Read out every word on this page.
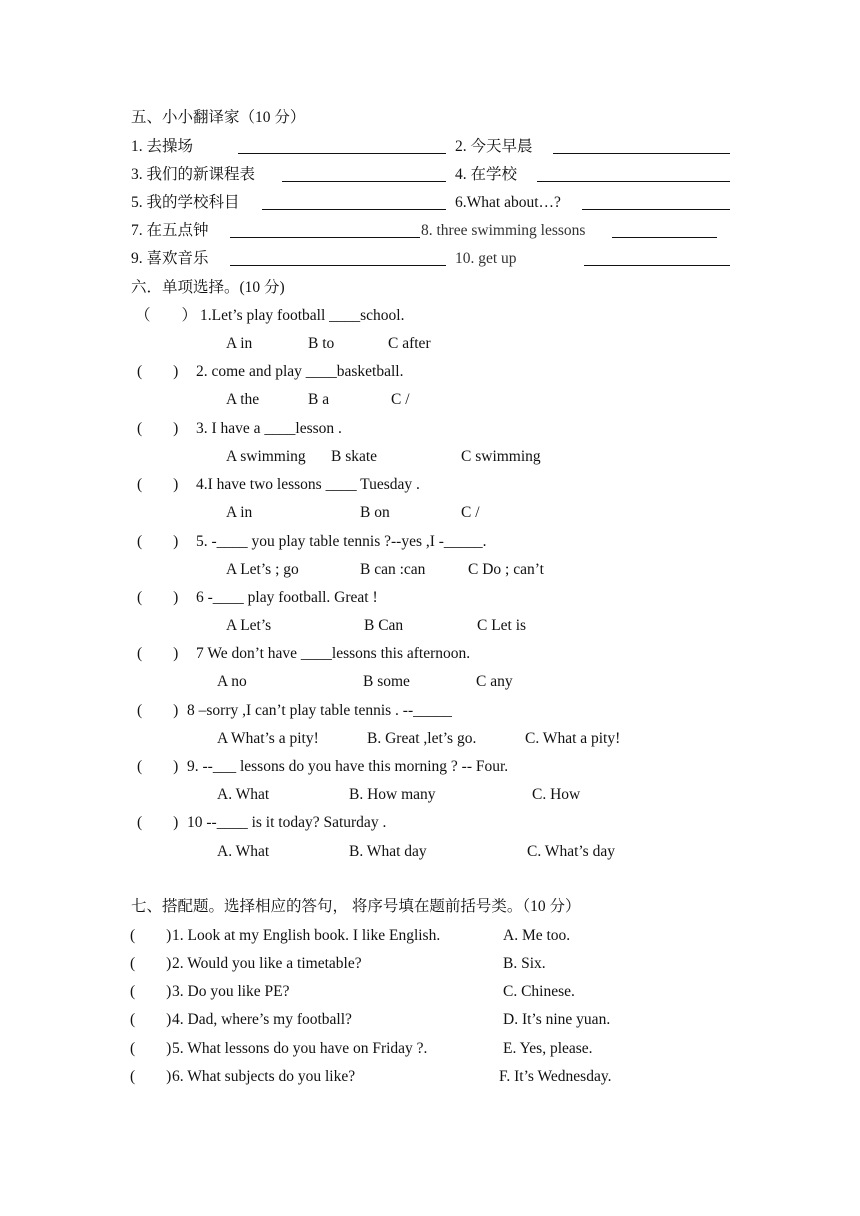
五、小小翻译家（10 分）
1. 去操场	2. 今天早晨
3. 我们的新课程表	4. 在学校
5. 我的学校科目	6.What about…?
7. 在五点钟	8. three swimming lessons
9. 喜欢音乐	10. get up
六．单项选择。(10 分)
（　　） 1.Let’s play football ____school.
A in	B to	C after
(　　) 2. come and play ____basketball.
A the	B a	C /
(　　) 3. I have a ____lesson .
A swimming B skate	C swimming
(　　) 4.I have two lessons ____ Tuesday .
A in	B on	C /
(　　) 5. -____ you play table tennis ?--yes ,I -_____.
A Let’s ; go	B can :can	C Do ; can’t
(　　) 6 -____ play football. Great !
A Let’s	B Can	C Let is
(　　) 7 We don’t have ____lessons this afternoon.
A no	B some	C any
(　　) 8 –sorry ,I can’t play table tennis . --_____
A What’s a pity!	B. Great ,let’s go.	C. What a pity!
(　　) 9. --___ lessons do you have this morning ? -- Four.
A. What	B. How many	C. How
(　　) 10 --____ is it today? Saturday .
A. What	B. What day	C. What’s day
七、搭配题。选择相应的答句， 将序号填在题前括号类。（10 分）
(　　) 1. Look at my English book. I like English.	A. Me too.
(　　) 2. Would you like a timetable?	B. Six.
(　　) 3. Do you like PE?	C. Chinese.
(　　) 4. Dad, where’s my football?	D. It’s nine yuan.
(　　) 5. What lessons do you have on Friday ?.	E. Yes, please.
(　　) 6. What subjects do you like?	F. It’s Wednesday.
